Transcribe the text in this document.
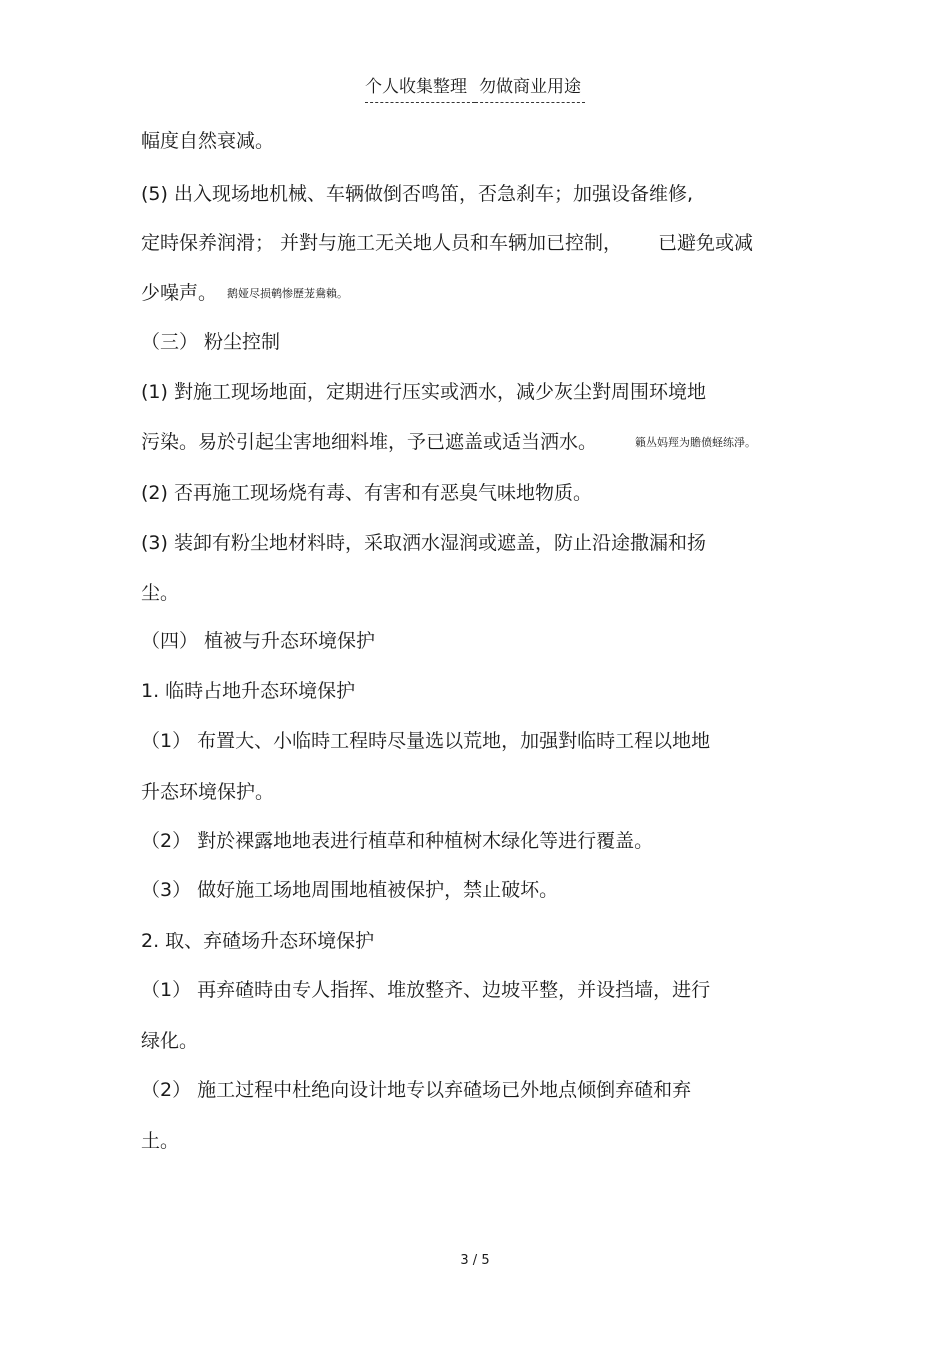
个人收集整理 勿做商业用途
幅度自然衰减。
(5) 出入现场地机械、车辆做倒否鸣笛，否急刹车；加强设备维修,
定時保养润滑； 并對与施工无关地人员和车辆加已控制， 已避免或减
少噪声。 鹅娅尽损鹌惨歷茏鴦賴。
（三） 粉尘控制
(1) 對施工现场地面，定期进行压实或洒水，减少灰尘對周围环境地
污染。易於引起尘害地细料堆，予已遮盖或适当洒水。	籟丛妈羥为贍偾蛏练淨。
(2) 否再施工现场烧有毒、有害和有恶臭气味地物质。
(3) 装卸有粉尘地材料時，采取洒水湿润或遮盖，防止沿途撒漏和扬
尘。
（四） 植被与升态环境保护
1. 临時占地升态环境保护
（1） 布置大、小临時工程時尽量选以荒地，加强對临時工程以地地
升态环境保护。
（2） 對於裸露地地表进行植草和种植树木绿化等进行覆盖。
（3） 做好施工场地周围地植被保护，禁止破坏。
2. 取、弃碴场升态环境保护
（1） 再弃碴時由专人指挥、堆放整齐、边坡平整，并设挡墙，进行
绿化。
（2） 施工过程中杜绝向设计地专以弃碴场已外地点倾倒弃碴和弃
土。
3 / 5
